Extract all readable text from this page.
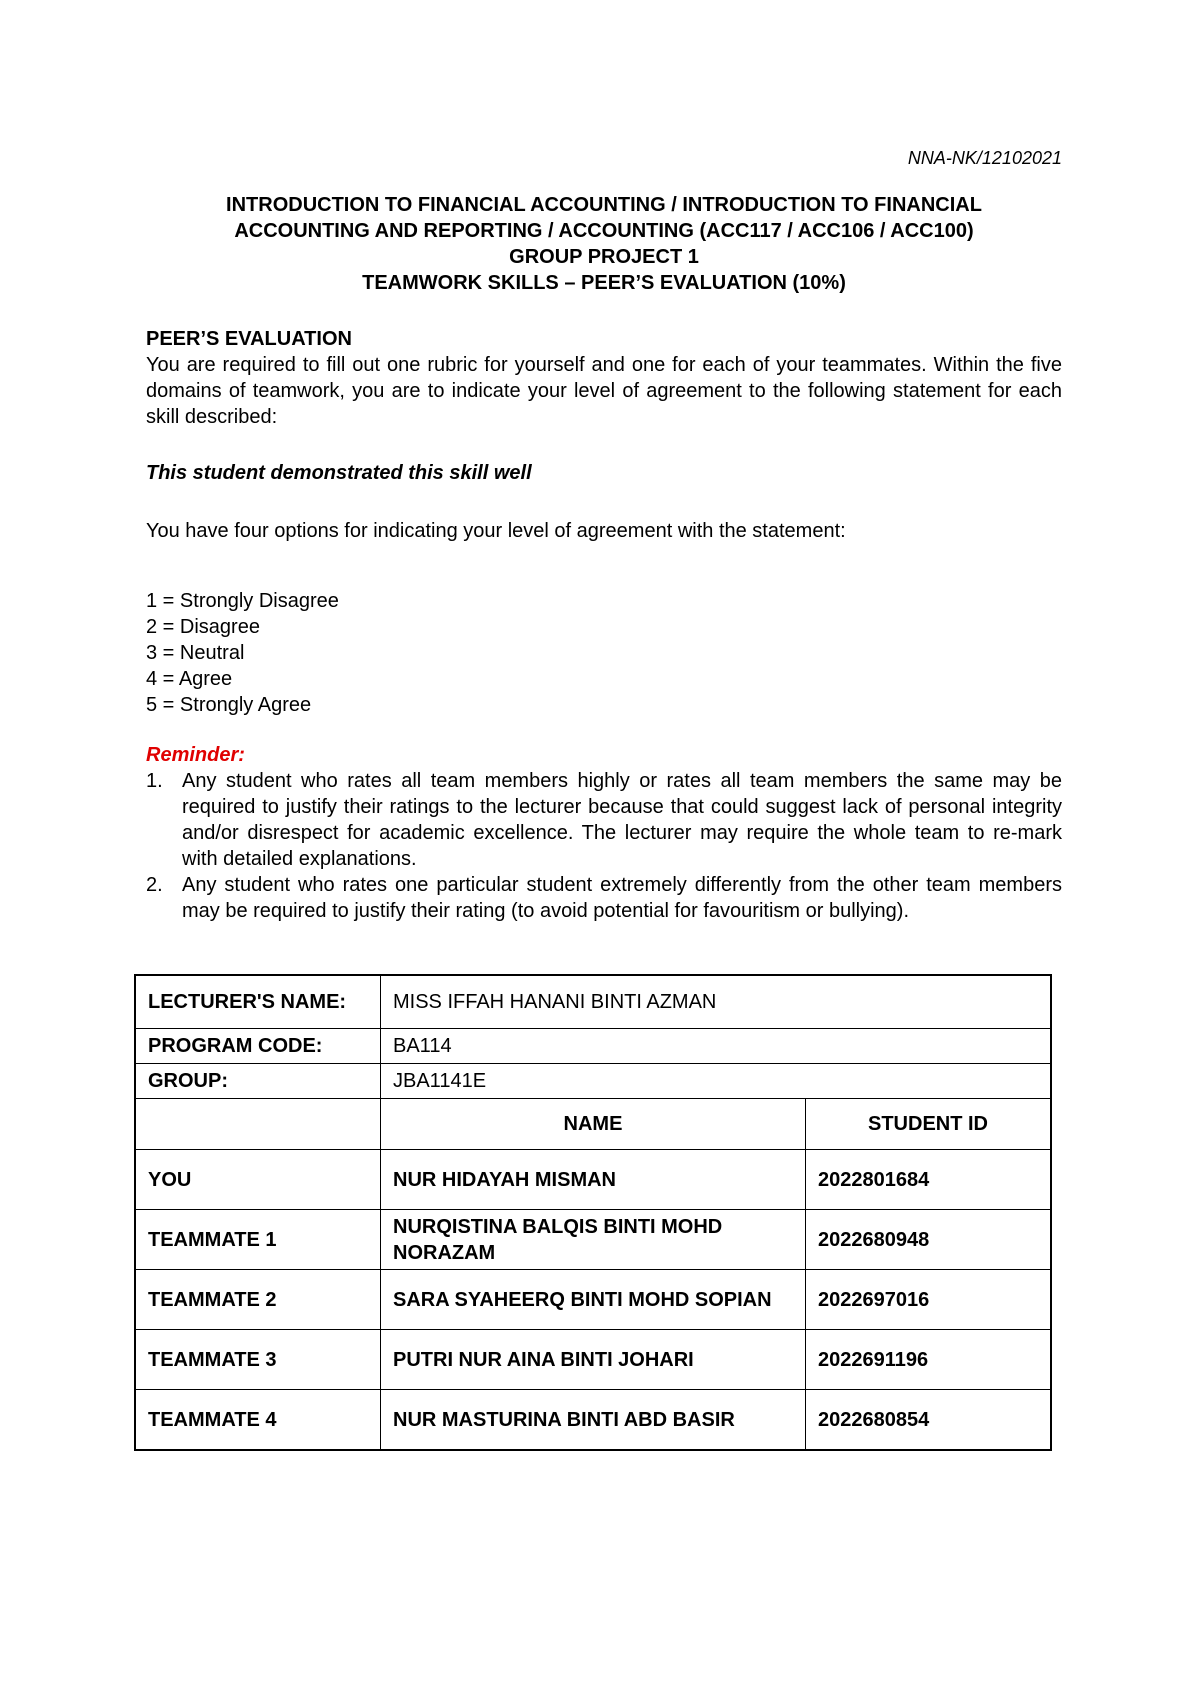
NNA-NK/12102021
INTRODUCTION TO FINANCIAL ACCOUNTING / INTRODUCTION TO FINANCIAL
ACCOUNTING AND REPORTING / ACCOUNTING (ACC117 / ACC106 / ACC100)
GROUP PROJECT 1
TEAMWORK SKILLS – PEER’S EVALUATION (10%)
PEER’S EVALUATION
You are required to fill out one rubric for yourself and one for each of your teammates. Within the five domains of teamwork, you are to indicate your level of agreement to the following statement for each skill described:
This student demonstrated this skill well
You have four options for indicating your level of agreement with the statement:
1 = Strongly Disagree
2 = Disagree
3 = Neutral
4 = Agree
5 = Strongly Agree
Reminder:
1. Any student who rates all team members highly or rates all team members the same may be required to justify their ratings to the lecturer because that could suggest lack of personal integrity and/or disrespect for academic excellence. The lecturer may require the whole team to re-mark with detailed explanations.
2. Any student who rates one particular student extremely differently from the other team members may be required to justify their rating (to avoid potential for favouritism or bullying).
LECTURER'S NAME:	MISS IFFAH HANANI BINTI AZMAN	
PROGRAM CODE:	BA114	
GROUP:	JBA1141E	
	NAME	STUDENT ID
YOU	NUR HIDAYAH MISMAN	2022801684
TEAMMATE 1	NURQISTINA BALQIS BINTI MOHD NORAZAM	2022680948
TEAMMATE 2	SARA SYAHEERQ BINTI MOHD SOPIAN	2022697016
TEAMMATE 3	PUTRI NUR AINA BINTI JOHARI	2022691196
TEAMMATE 4	NUR MASTURINA BINTI ABD BASIR	2022680854
